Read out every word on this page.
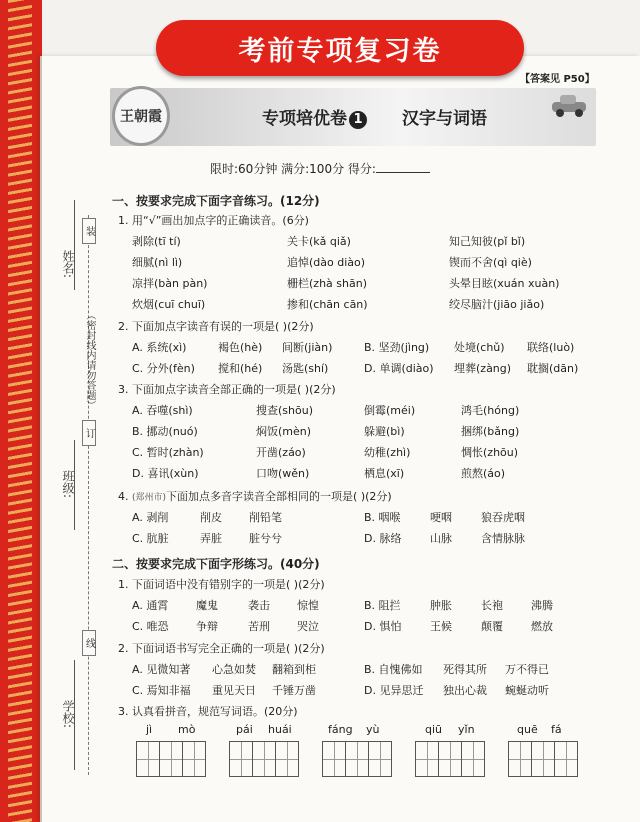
考前专项复习卷
【答案见 P50】
王朝霞	专项培优卷 1	汉字与词语
限时:60分钟 满分:100分 得分:
装
订
线
姓名:
（密封线内请勿答题）
班级:
学校:
一、按要求完成下面字音练习。(12分)
1. 用“√”画出加点字的正确读音。(6分)
剥除(tī tí)	关卡(kǎ qiǎ)	知己知彼(pǐ bǐ)
细腻(nì lì)	追悼(dào diào)	锲而不舍(qì qiè)
凉拌(bàn pàn)	栅栏(zhà shān)	头晕目眩(xuán xuàn)
炊烟(cuī chuī)	掺和(chān cān)	绞尽脑汁(jiāo jiǎo)
2. 下面加点字读音有误的一项是( )(2分)
A. 系统(xì)	褐色(hè) 间断(jiàn)	B. 坚劲(jìng) 处境(chǔ) 联络(luò)
C. 分外(fèn) 搅和(hé) 汤匙(shí)	D. 单调(diào) 埋葬(zàng) 耽搁(dān)
3. 下面加点字读音全部正确的一项是( )(2分)
A. 吞噬(shì)	搜查(shōu)	倒霉(méi)	鸿毛(hóng)
B. 挪动(nuó)	焖饭(mèn)	躲避(bì)	捆绑(bǎng)
C. 暂时(zhàn)	开凿(záo)	幼稚(zhì)	惆怅(zhōu)
D. 喜讯(xùn)	口吻(wěn)	栖息(xī)	煎熬(áo)
4. (郑州市)下面加点多音字读音全部相同的一项是( )(2分)
A. 剥削	削皮 削铅笔	B. 咽喉	哽咽	狼吞虎咽
C. 肮脏	弄脏 脏兮兮	D. 脉络	山脉	含情脉脉
二、按要求完成下面字形练习。(40分)
1. 下面词语中没有错别字的一项是( )(2分)
A. 通霄	魔鬼	袭击 惊惶	B. 阻拦	肿胀	长袍	沸腾
C. 唯恐 争辩	苦刑 哭泣	D. 惧怕	王候	颠覆	燃放
2. 下面词语书写完全正确的一项是( )(2分)
A. 见微知著 心急如焚 翻箱到柜	B. 自愧佛如 死得其所 万不得已
C. 焉知非福 重见天日 千锤万凿	D. 见异思迁 独出心裁 蜿蜒动听
3. 认真看拼音，规范写词语。(20分)
jì mò	pái huái	fáng yù	qiū yǐn	quē fá
